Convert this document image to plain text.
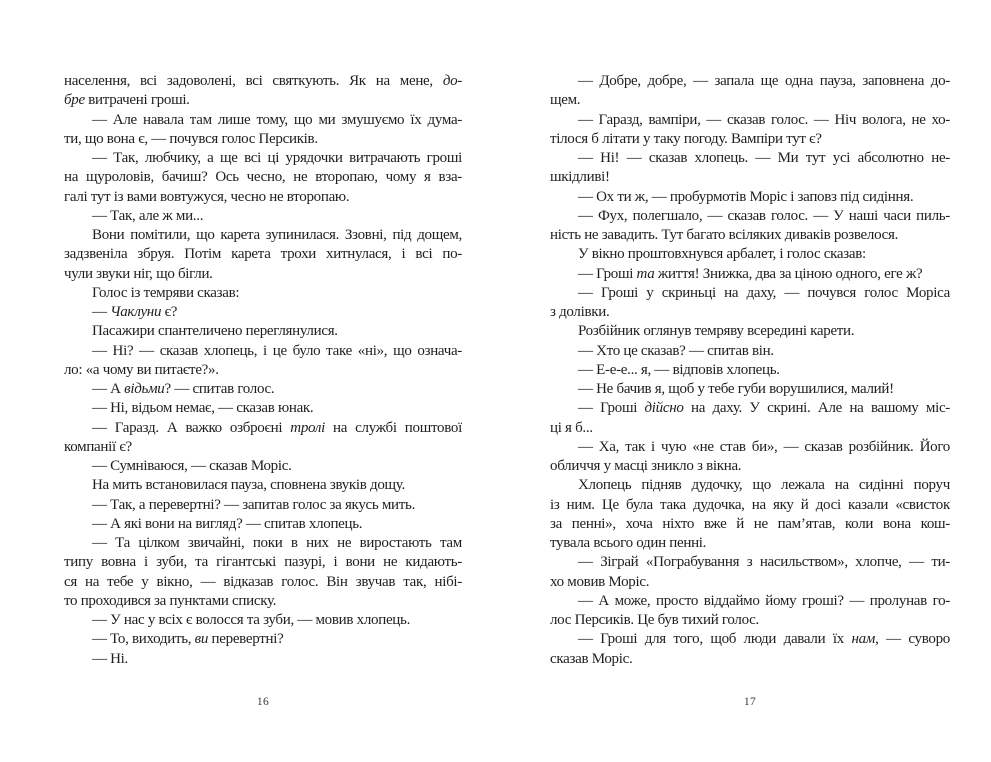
населення, всі задоволені, всі святкують. Як на мене, до-
бре витрачені гроші.
— Але навала там лише тому, що ми змушуємо їх дума-
ти, що вона є, — почувся голос Персиків.
— Так, любчику, а ще всі ці урядочки витрачають гроші
на щуроловів, бачиш? Ось чесно, не второпаю, чому я вза-
галі тут із вами вовтужуся, чесно не второпаю.
— Так, але ж ми...
Вони помітили, що карета зупинилася. Ззовні, під дощем,
задзвеніла збруя. Потім карета трохи хитнулася, і всі по-
чули звуки ніг, що бігли.
Голос із темряви сказав:
— Чаклуни є?
Пасажири спантеличено переглянулися.
— Ні? — сказав хлопець, і це було таке «ні», що означа-
ло: «а чому ви питаєте?».
— А відьми? — спитав голос.
— Ні, відьом немає, — сказав юнак.
— Гаразд. А важко озброєні тролі на службі поштової
компанії є?
— Сумніваюся, — сказав Моріс.
На мить встановилася пауза, сповнена звуків дощу.
— Так, а перевертні? — запитав голос за якусь мить.
— А які вони на вигляд? — спитав хлопець.
— Та цілком звичайні, поки в них не виростають там
типу вовна і зуби, та гігантські пазурі, і вони не кидають-
ся на тебе у вікно, — відказав голос. Він звучав так, нібі-
то проходився за пунктами списку.
— У нас у всіх є волосся та зуби, — мовив хлопець.
— То, виходить, ви перевертні?
— Ні.
— Добре, добре, — запала ще одна пауза, заповнена до-
щем.
— Гаразд, вампіри, — сказав голос. — Ніч волога, не хо-
тілося б літати у таку погоду. Вампіри тут є?
— Ні! — сказав хлопець. — Ми тут усі абсолютно не-
шкідливі!
— Ох ти ж, — пробурмотів Моріс і заповз під сидіння.
— Фух, полегшало, — сказав голос. — У наші часи пиль-
ність не завадить. Тут багато всіляких диваків розвелося.
У вікно проштовхнувся арбалет, і голос сказав:
— Гроші та життя! Знижка, два за ціною одного, еге ж?
— Гроші у скриньці на даху, — почувся голос Моріса
з долівки.
Розбійник оглянув темряву всередині карети.
— Хто це сказав? — спитав він.
— Е-е-е... я, — відповів хлопець.
— Не бачив я, щоб у тебе губи ворушилися, малий!
— Гроші дійсно на даху. У скрині. Але на вашому міс-
ці я б...
— Ха, так і чую «не став би», — сказав розбійник. Його
обличчя у масці зникло з вікна.
Хлопець підняв дудочку, що лежала на сидінні поруч
із ним. Це була така дудочка, на яку й досі казали «свисток
за пенні», хоча ніхто вже й не пам’ятав, коли вона кош-
тувала всього один пенні.
— Зіграй «Пограбування з насильством», хлопче, — ти-
хо мовив Моріс.
— А може, просто віддаймо йому гроші? — пролунав го-
лос Персиків. Це був тихий голос.
— Гроші для того, щоб люди давали їх нам, — суворо
сказав Моріс.
16	17
